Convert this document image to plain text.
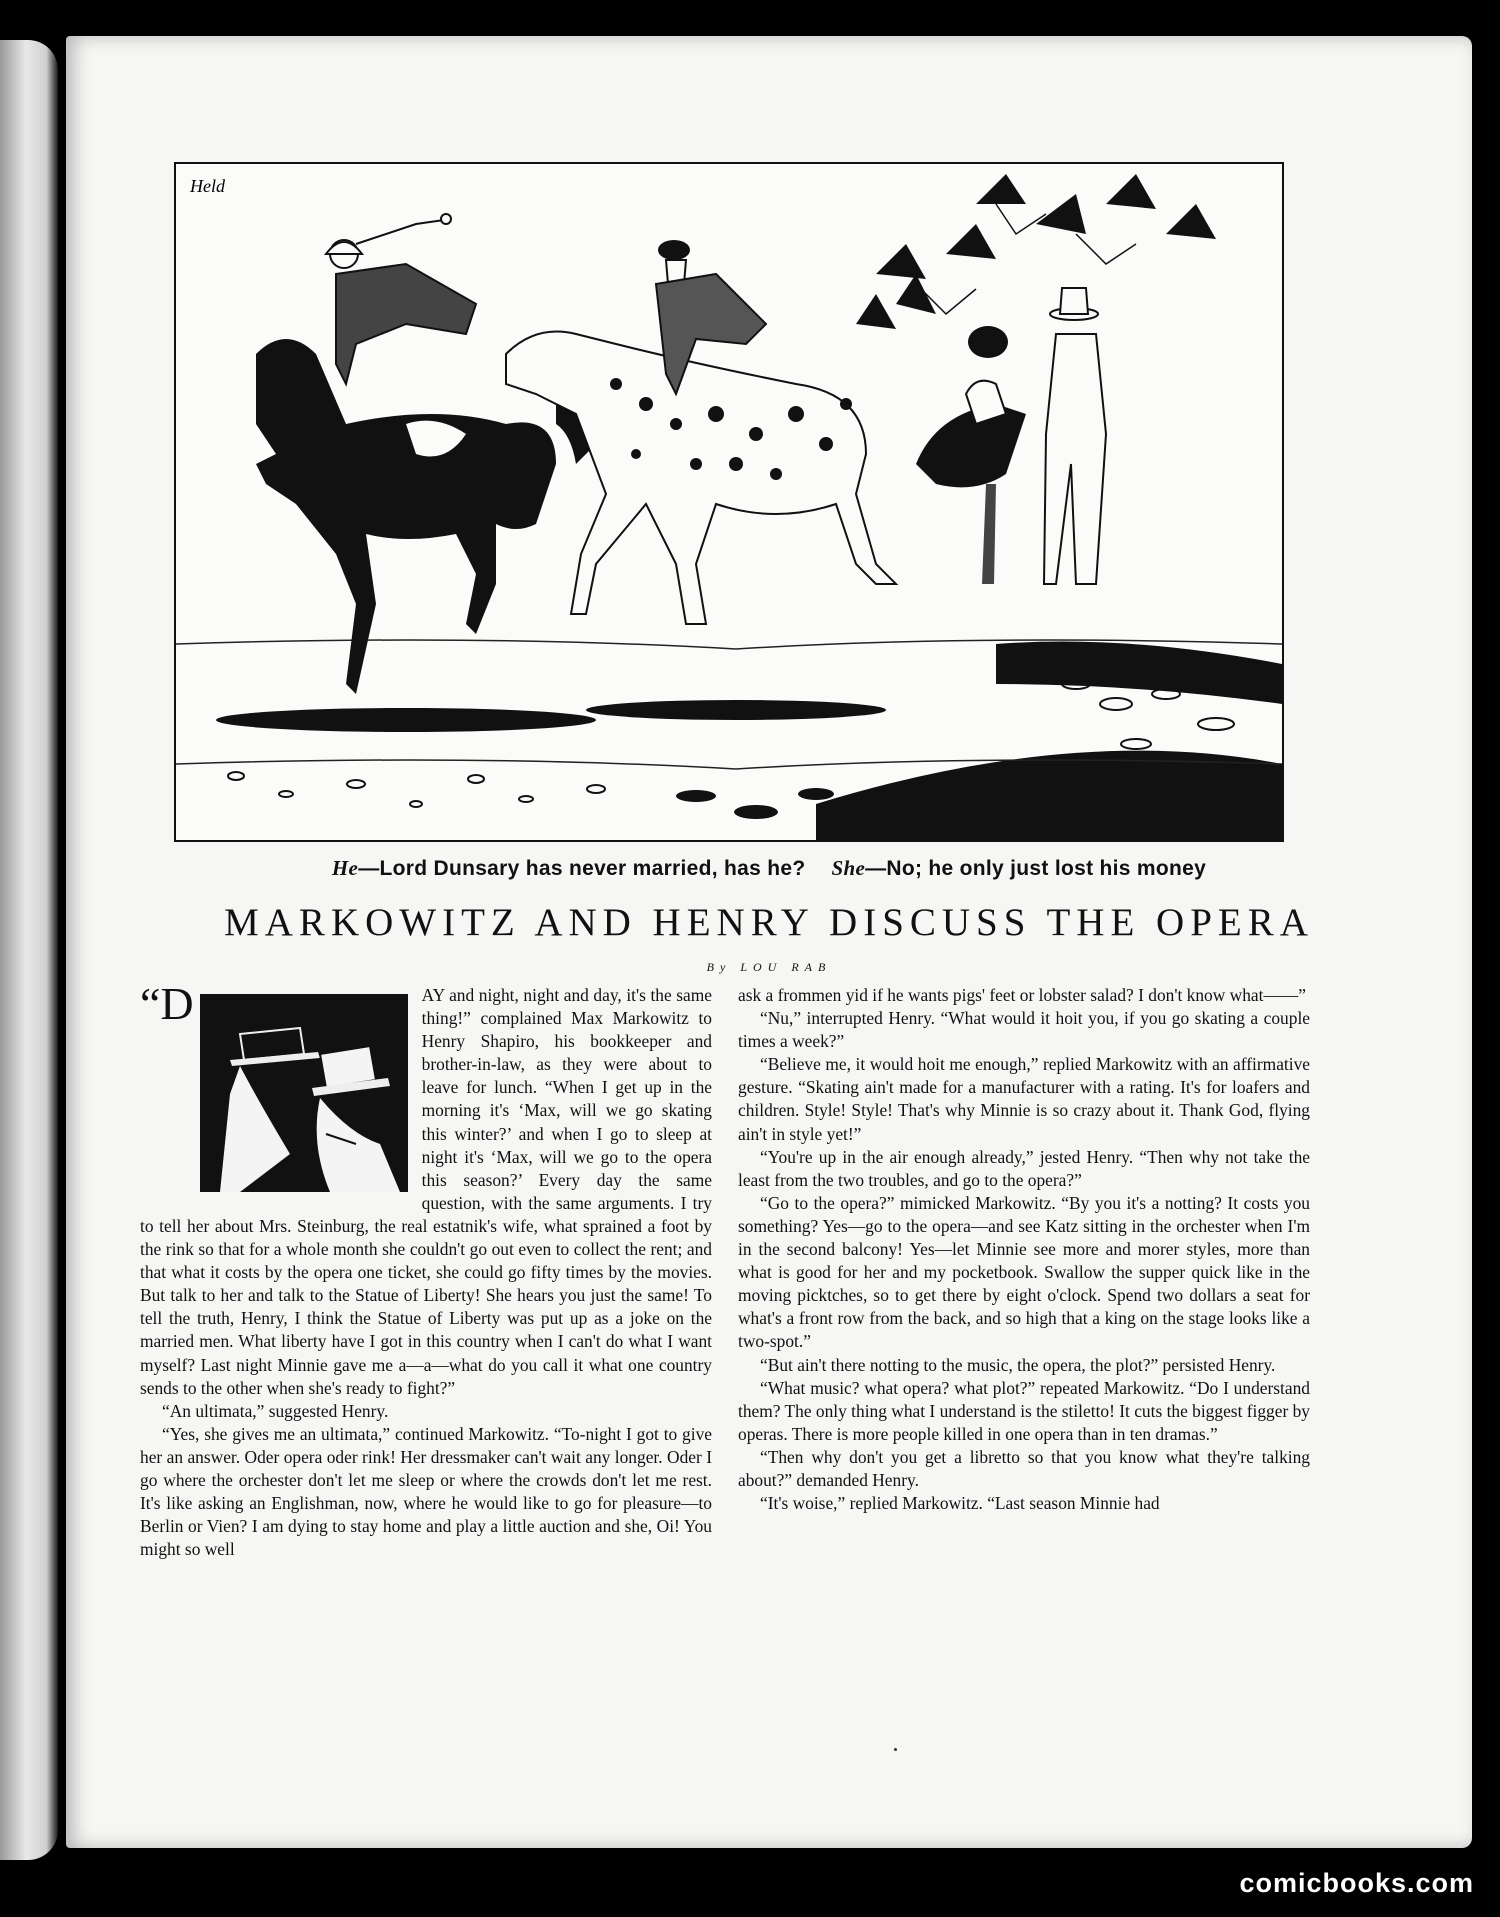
Held
He—Lord Dunsary has never married, has he? She—No; he only just lost his money
MARKOWITZ AND HENRY DISCUSS THE OPERA
By LOU RAB

“D	AY and night, night and day, it's the same thing!” complained Max Markowitz to Henry Shapiro, his bookkeeper and brother-in-law, as they were about to leave for lunch. “When I get up in the morning it's ‘Max, will we go skating this winter?’ and when I go to sleep at night it's ‘Max, will we go to the opera this season?’ Every day the same question, with the same arguments. I try to tell her about Mrs. Steinburg, the real estatnik's wife, what sprained a foot by the rink so that for a whole month she couldn't go out even to collect the rent; and that what it costs by the opera one ticket, she could go fifty times by the movies. But talk to her and talk to the Statue of Liberty! She hears you just the same! To tell the truth, Henry, I think the Statue of Liberty was put up as a joke on the married men. What liberty have I got in this country when I can't do what I want myself? Last night Minnie gave me a—a—what do you call it what one country sends to the other when she's ready to fight?”

“An ultimata,” suggested Henry.

“Yes, she gives me an ultimata,” continued Markowitz. “To-night I got to give her an answer. Oder opera oder rink! Her dressmaker can't wait any longer. Oder I go where the orchester don't let me sleep or where the crowds don't let me rest. It's like asking an Englishman, now, where he would like to go for pleasure—to Berlin or Vien? I am dying to stay home and play a little auction and she, Oi! You might so well

ask a frommen yid if he wants pigs' feet or lobster salad? I don't know what——”

“Nu,” interrupted Henry. “What would it hoit you, if you go skating a couple times a week?”

“Believe me, it would hoit me enough,” replied Markowitz with an affirmative gesture. “Skating ain't made for a manufacturer with a rating. It's for loafers and children. Style! Style! That's why Minnie is so crazy about it. Thank God, flying ain't in style yet!”

“You're up in the air enough already,” jested Henry. “Then why not take the least from the two troubles, and go to the opera?”

“Go to the opera?” mimicked Markowitz. “By you it's a notting? It costs you something? Yes—go to the opera—and see Katz sitting in the orchester when I'm in the second balcony! Yes—let Minnie see more and morer styles, more than what is good for her and my pocketbook. Swallow the supper quick like in the moving picktches, so to get there by eight o'clock. Spend two dollars a seat for what's a front row from the back, and so high that a king on the stage looks like a two-spot.”

“But ain't there notting to the music, the opera, the plot?” persisted Henry.

“What music? what opera? what plot?” repeated Markowitz. “Do I understand them? The only thing what I understand is the stiletto! It cuts the biggest figger by operas. There is more people killed in one opera than in ten dramas.”

“Then why don't you get a libretto so that you know what they're talking about?” demanded Henry.

“It's woise,” replied Markowitz. “Last season Minnie had

comicbooks.com
